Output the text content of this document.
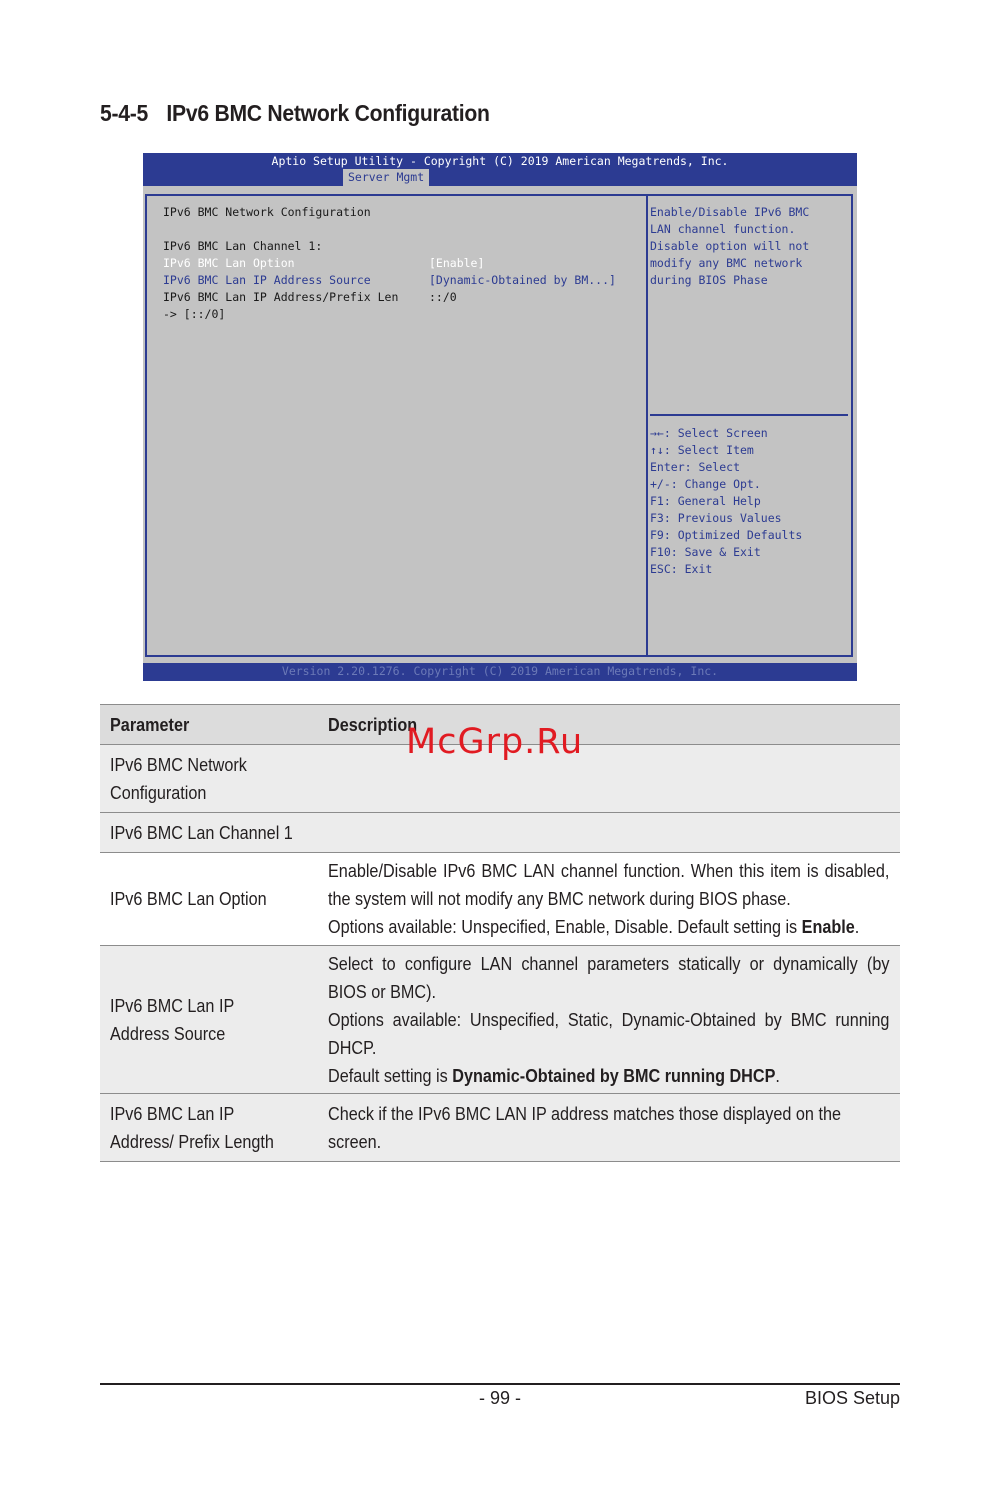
5-4-5 IPv6 BMC Network Configuration
Aptio Setup Utility - Copyright (C) 2019 American Megatrends, Inc.
Server Mgmt
IPv6 BMC Network Configuration
IPv6 BMC Lan Channel 1:
IPv6 BMC Lan Option	[Enable]
IPv6 BMC Lan IP Address Source	[Dynamic-Obtained by BM...]
IPv6 BMC Lan IP Address/Prefix Len	::/0
-> [::/0]
Enable/Disable IPv6 BMC
LAN channel function.
Disable option will not
modify any BMC network
during BIOS Phase
→←: Select Screen
↑↓: Select Item
Enter: Select
+/-: Change Opt.
F1: General Help
F3: Previous Values
F9: Optimized Defaults
F10: Save & Exit
ESC: Exit
Version 2.20.1276. Copyright (C) 2019 American Megatrends, Inc.
Parameter	Description
IPv6 BMC Network Configuration	
IPv6 BMC Lan Channel 1	
IPv6 BMC Lan Option	Enable/Disable IPv6 BMC LAN channel function. When this item is disabled, the system will not modify any BMC network during BIOS phase.
Options available: Unspecified, Enable, Disable. Default setting is Enable.

IPv6 BMC Lan IP Address Source	Select to configure LAN channel parameters statically or dynamically (by BIOS or BMC).
Options available: Unspecified, Static, Dynamic-Obtained by BMC running DHCP.
Default setting is Dynamic-Obtained by BMC running DHCP.

IPv6 BMC Lan IP Address/ Prefix Length	Check if the IPv6 BMC LAN IP address matches those displayed on the screen.
McGrp.Ru
- 99 -	BIOS Setup
